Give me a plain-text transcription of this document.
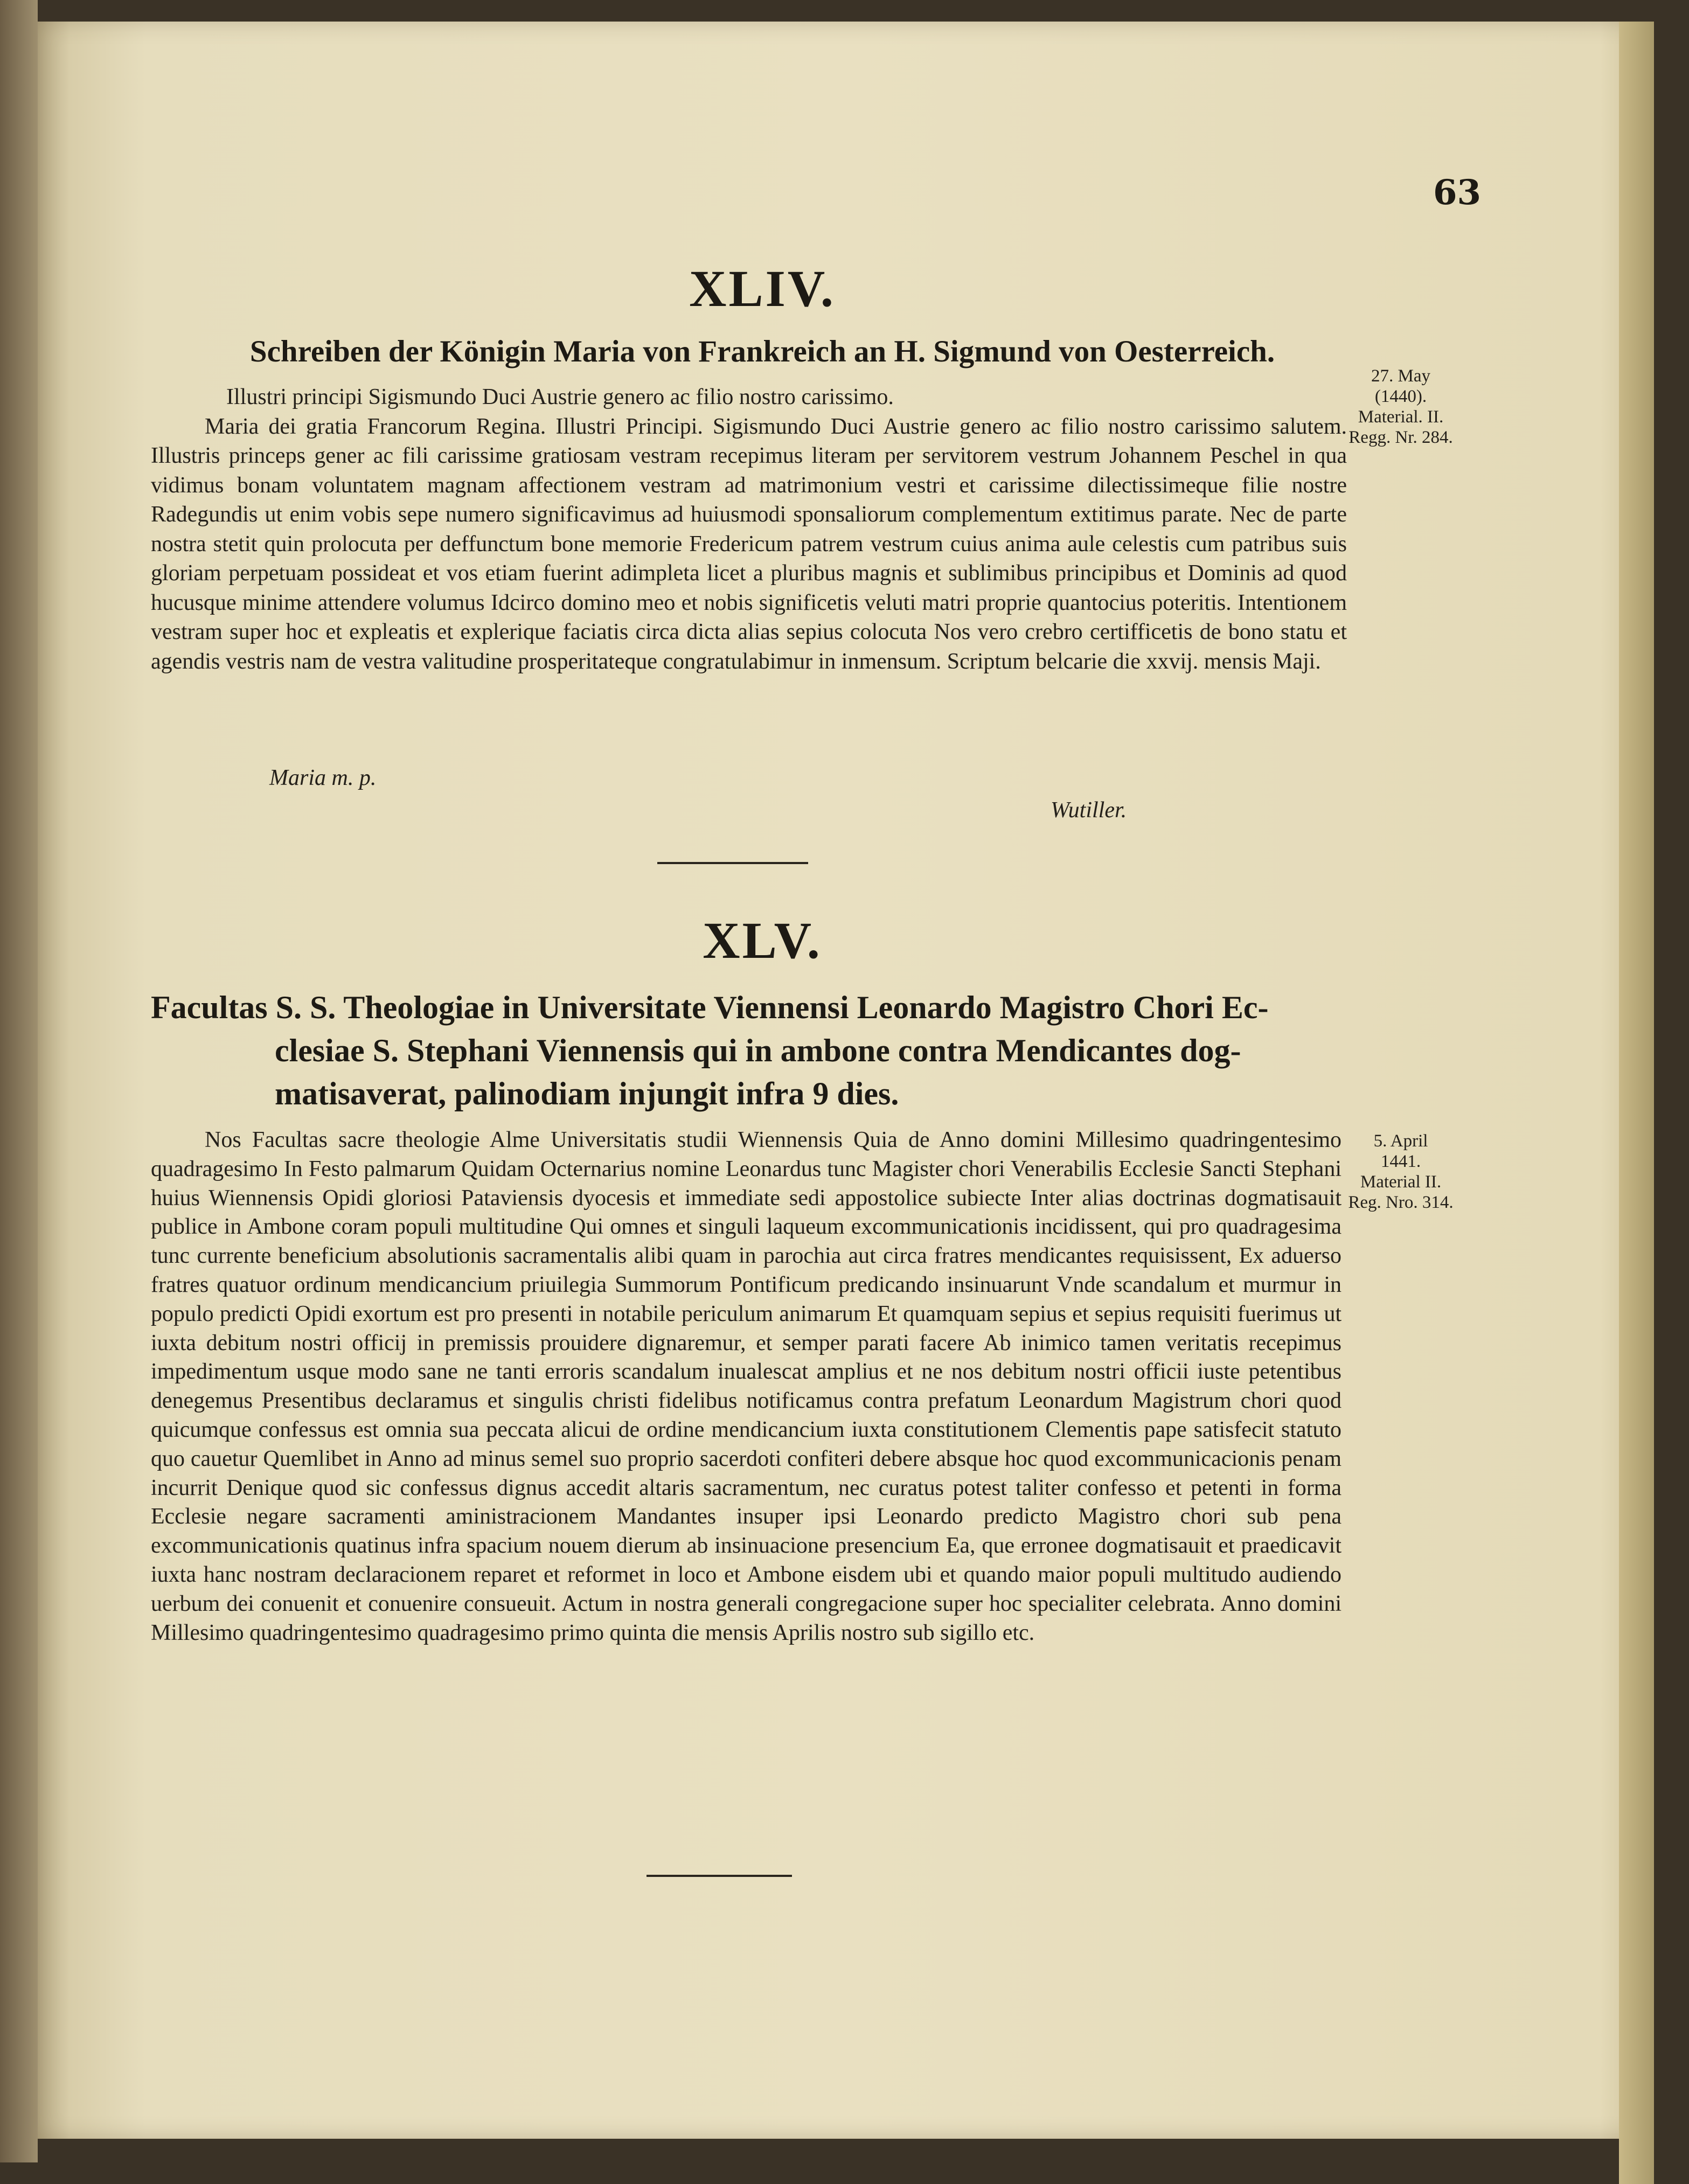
63
XLIV.
Schreiben der Königin Maria von Frankreich an H. Sigmund von Oesterreich.

Illustri principi Sigismundo Duci Austrie genero ac filio nostro carissimo.

Maria dei gratia Francorum Regina. Illustri Principi. Sigismundo Duci Austrie genero ac filio nostro carissimo salutem. Illustris princeps gener ac fili carissime gratiosam vestram recepimus literam per servitorem vestrum Johannem Peschel in qua vidimus bonam voluntatem magnam affectionem vestram ad matrimonium vestri et carissime dilectissimeque filie nostre Radegundis ut enim vobis sepe numero significavimus ad huiusmodi sponsaliorum complementum extitimus parate. Nec de parte nostra stetit quin prolocuta per deffunctum bone memorie Fredericum patrem vestrum cuius anima aule celestis cum patribus suis gloriam perpetuam possideat et vos etiam fuerint adimpleta licet a pluribus magnis et sublimibus principibus et Dominis ad quod hucusque minime attendere volumus Idcirco domino meo et nobis significetis veluti matri proprie quantocius poteritis. Intentionem vestram super hoc et expleatis et explerique faciatis circa dicta alias sepius colocuta Nos vero crebro certifficetis de bono statu et agendis vestris nam de vestra valitudine prosperitateque congratulabimur in inmensum. Scriptum belcarie die xxvij. mensis Maji.

27. May
(1440).
Material. II.
Regg. Nr. 284.
Maria m. p.
Wutiller.
XLV.
Facultas S. S. Theologiae in Universitate Viennensi Leonardo Magistro Chori Ec-
clesiae S. Stephani Viennensis qui in ambone contra Mendicantes dog-
matisaverat, palinodiam injungit infra 9 dies.

Nos Facultas sacre theologie Alme Universitatis studii Wiennensis Quia de Anno domini Millesimo quadringentesimo quadragesimo In Festo palmarum Quidam Octernarius nomine Leonardus tunc Magister chori Venerabilis Ecclesie Sancti Stephani huius Wiennensis Opidi gloriosi Pataviensis dyocesis et immediate sedi appostolice subiecte Inter alias doctrinas dogmatisauit publice in Ambone coram populi multitudine Qui omnes et singuli laqueum excommunicationis incidissent, qui pro quadragesima tunc currente beneficium absolutionis sacramentalis alibi quam in parochia aut circa fratres mendicantes requisissent, Ex aduerso fratres quatuor ordinum mendicancium priuilegia Summorum Pontificum predicando insinuarunt Vnde scandalum et murmur in populo predicti Opidi exortum est pro presenti in notabile periculum animarum Et quamquam sepius et sepius requisiti fuerimus ut iuxta debitum nostri officij in premissis prouidere dignaremur, et semper parati facere Ab inimico tamen veritatis recepimus impedimentum usque modo sane ne tanti erroris scandalum inualescat amplius et ne nos debitum nostri officii iuste petentibus denegemus Presentibus declaramus et singulis christi fidelibus notificamus contra prefatum Leonardum Magistrum chori quod quicumque confessus est omnia sua peccata alicui de ordine mendicancium iuxta constitutionem Clementis pape satisfecit statuto quo cauetur Quemlibet in Anno ad minus semel suo proprio sacerdoti confiteri debere absque hoc quod excommunicacionis penam incurrit Denique quod sic confessus dignus accedit altaris sacramentum, nec curatus potest taliter confesso et petenti in forma Ecclesie negare sacramenti aministracionem Mandantes insuper ipsi Leonardo predicto Magistro chori sub pena excommunicationis quatinus infra spacium nouem dierum ab insinuacione presencium Ea, que erronee dogmatisauit et praedicavit iuxta hanc nostram declaracionem reparet et reformet in loco et Ambone eisdem ubi et quando maior populi multitudo audiendo uerbum dei conuenit et conuenire consueuit. Actum in nostra generali congregacione super hoc specialiter celebrata. Anno domini Millesimo quadringentesimo quadragesimo primo quinta die mensis Aprilis nostro sub sigillo etc.

5. April
1441.
Material II.
Reg. Nro. 314.
